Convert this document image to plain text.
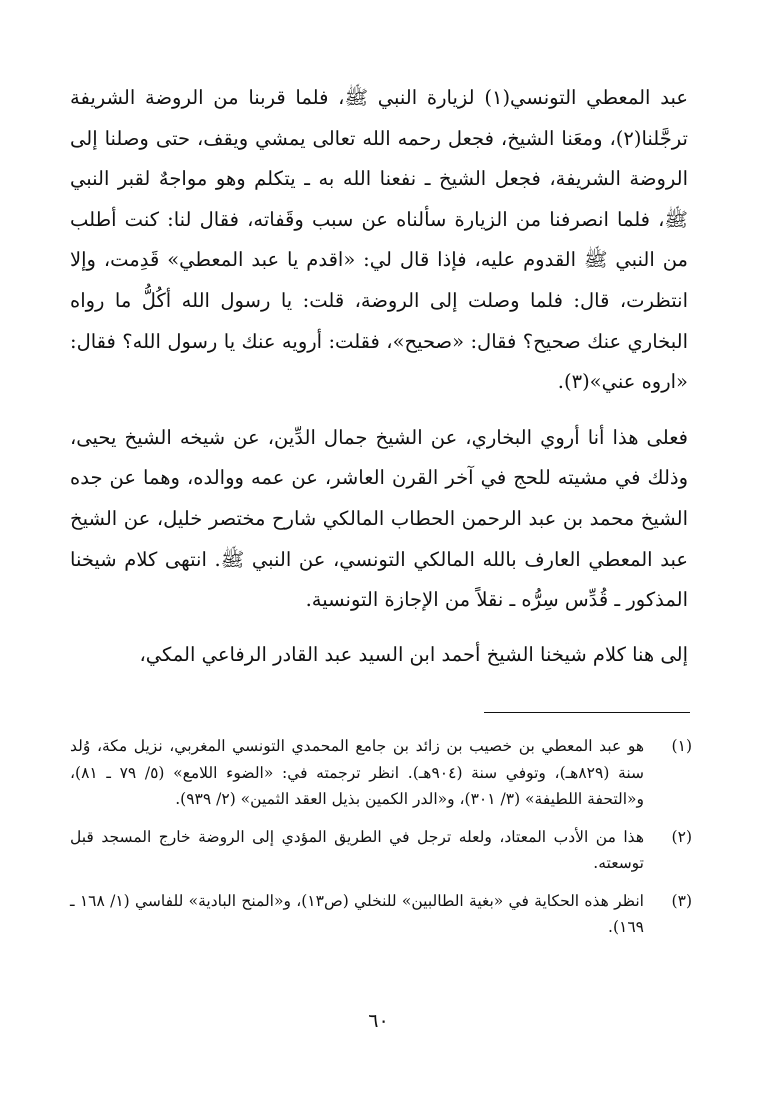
عبد المعطي التونسي(١) لزيارة النبي ﷺ، فلما قربنا من الروضة الشريفة ترجَّلنا(٢)، ومعَنا الشيخ، فجعل رحمه الله تعالى يمشي ويقف، حتى وصلنا إلى الروضة الشريفة، فجعل الشيخ ـ نفعنا الله به ـ يتكلم وهو مواجهٌ لقبر النبي ﷺ، فلما انصرفنا من الزيارة سألناه عن سبب وقَفاته، فقال لنا: كنت أطلب من النبي ﷺ القدوم عليه، فإذا قال لي: «اقدم يا عبد المعطي» قَدِمت، وإلا انتظرت، قال: فلما وصلت إلى الروضة، قلت: يا رسول الله أكُلُّ ما رواه البخاري عنك صحيح؟ فقال: «صحيح»، فقلت: أرويه عنك يا رسول الله؟ فقال: «اروه عني»(٣).

فعلى هذا أنا أروي البخاري، عن الشيخ جمال الدِّين، عن شيخه الشيخ يحيى، وذلك في مشيته للحج في آخر القرن العاشر، عن عمه ووالده، وهما عن جده الشيخ محمد بن عبد الرحمن الحطاب المالكي شارح مختصر خليل، عن الشيخ عبد المعطي العارف بالله المالكي التونسي، عن النبي ﷺ. انتهى كلام شيخنا المذكور ـ قُدِّس سِرُّه ـ نقلاً من الإجازة التونسية.

إلى هنا كلام شيخنا الشيخ أحمد ابن السيد عبد القادر الرفاعي المكي،

(١)
هو عبد المعطي بن خصيب بن زائد بن جامع المحمدي التونسي المغربي، نزيل مكة، وُلد سنة (٨٢٩هـ)، وتوفي سنة (٩٠٤هـ). انظر ترجمته في: «الضوء اللامع» (٥/ ٧٩ ـ ٨١)، و«التحفة اللطيفة» (٣/ ٣٠١)، و«الدر الكمين بذيل العقد الثمين» (٢/ ٩٣٩).

(٢)
هذا من الأدب المعتاد، ولعله ترجل في الطريق المؤدي إلى الروضة خارج المسجد قبل توسعته.

(٣)
انظر هذه الحكاية في «بغية الطالبين» للنخلي (ص١٣)، و«المنح البادية» للفاسي (١/ ١٦٨ ـ ١٦٩).

٦٠
